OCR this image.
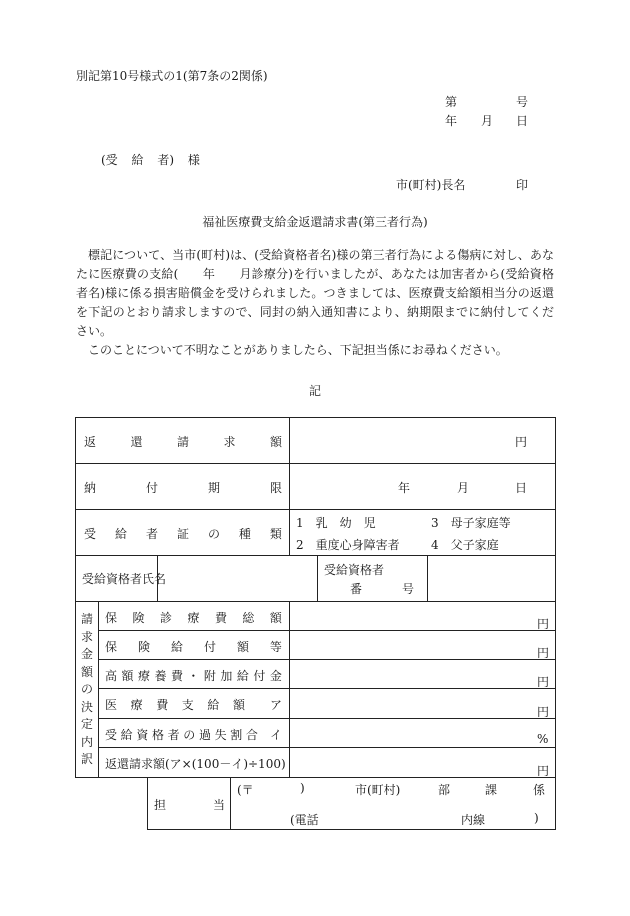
別記第10号様式の1(第7条の2関係)
第	号
年 月 日
(受 給 者) 様
市(町村)長名	印
福祉医療費支給金返還請求書(第三者行為)
標記について、当市(町村)は、(受給資格者名)様の第三者行為による傷病に対し、あなたに医療費の支給(　　年　　月診療分)を行いましたが、あなたは加害者から(受給資格者名)様に係る損害賠償金を受けられました。つきましては、医療費支給額相当分の返還を下記のとおり請求しますので、同封の納入通知書により、納期限までに納付してください。
このことについて不明なことがありましたら、下記担当係にお尋ねください。
記
返	還	請	求	額	円
納	付	期	限	年	月	日
受 給 者 証 の 種 類
1　乳　幼　児	3　母子家庭等
2　重度心身障害者	4　父子家庭
受給資格者氏名
受給資格者
番	号
請求金額の決定内訳
保 険 診 療 費 総 額	円
保 険 給 付 額 等	円
高 額 療 養 費 ・ 附 加 給 付 金	円
医 療 費 支 給 額 ア	円
受 給 資 格 者 の 過 失 割 合 イ	%
返還請求額(ア×(100－イ)÷100)	円
担	当
(〒	)	市(町村)	部	課	係
(電話	内線	)
